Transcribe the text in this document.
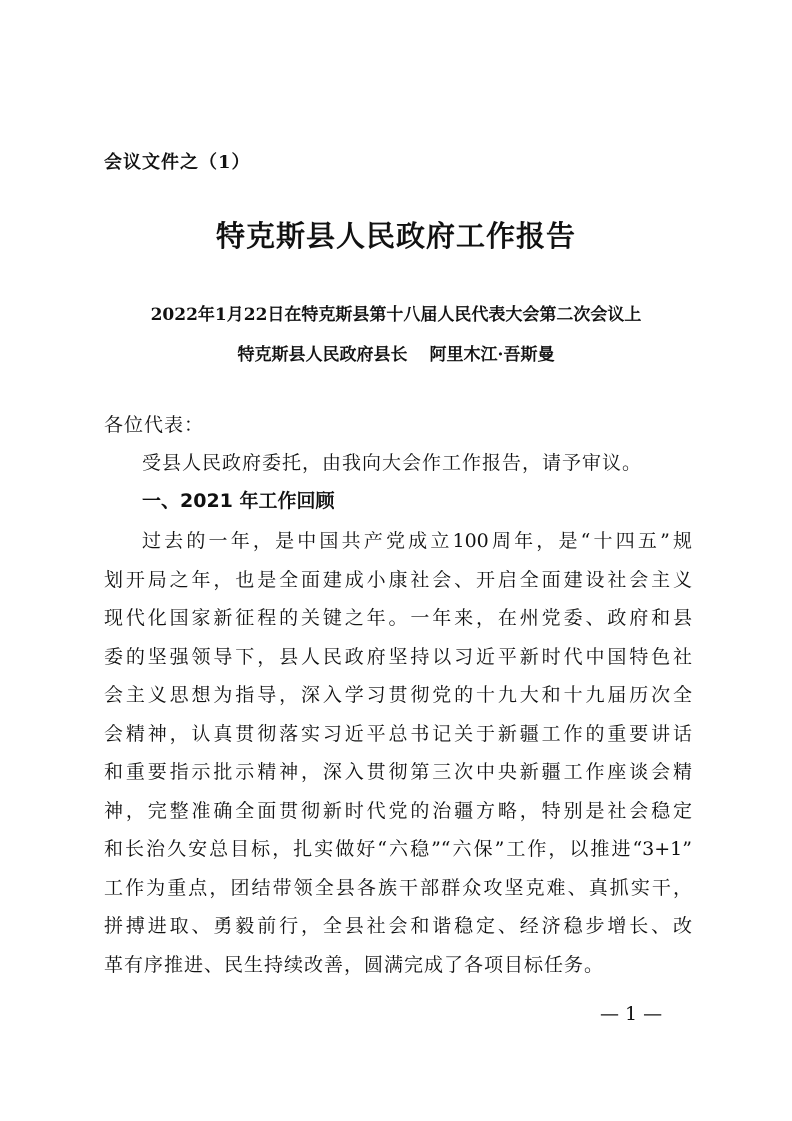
会议文件之（1）
特克斯县人民政府工作报告
2022年1月22日在特克斯县第十八届人民代表大会第二次会议上
特克斯县人民政府县长 阿里木江·吾斯曼
各位代表：
受县人民政府委托，由我向大会作工作报告，请予审议。
一、2021 年工作回顾
过去的一年，是中国共产党成立100周年，是“十四五”规
划开局之年，也是全面建成小康社会、开启全面建设社会主义
现代化国家新征程的关键之年。一年来，在州党委、政府和县
委的坚强领导下，县人民政府坚持以习近平新时代中国特色社
会主义思想为指导，深入学习贯彻党的十九大和十九届历次全
会精神，认真贯彻落实习近平总书记关于新疆工作的重要讲话
和重要指示批示精神，深入贯彻第三次中央新疆工作座谈会精
神，完整准确全面贯彻新时代党的治疆方略，特别是社会稳定
和长治久安总目标，扎实做好“六稳”“六保”工作，以推进“3+1”
工作为重点，团结带领全县各族干部群众攻坚克难、真抓实干，
拼搏进取、勇毅前行，全县社会和谐稳定、经济稳步增长、改
革有序推进、民生持续改善，圆满完成了各项目标任务。
— 1 —
